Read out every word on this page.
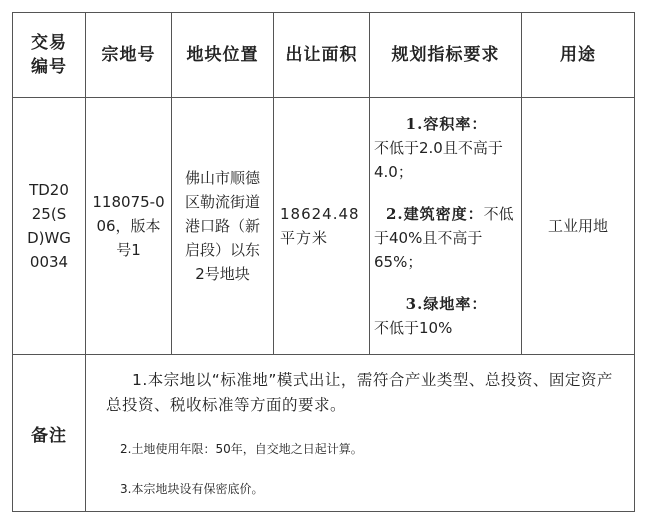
交易编号	宗地号	地块位置	出让面积	规划指标要求	用途

TD2025(SD)WG0034	118075-006，版本号1	佛山市顺德区勒流街道港口路（新启段）以东2号地块	18624.48平方米	1.容积率：
不低于2.0且不高于4.0；
2.建筑密度：不低于40%且不高于65%；
3.绿地率：
不低于10%	工业用地
备注	1.本宗地以“标准地”模式出让，需符合产业类型、总投资、固定资产总投资、税收标准等方面的要求。

2.土地使用年限：50年，自交地之日起计算。

3.本宗地块设有保密底价。				
